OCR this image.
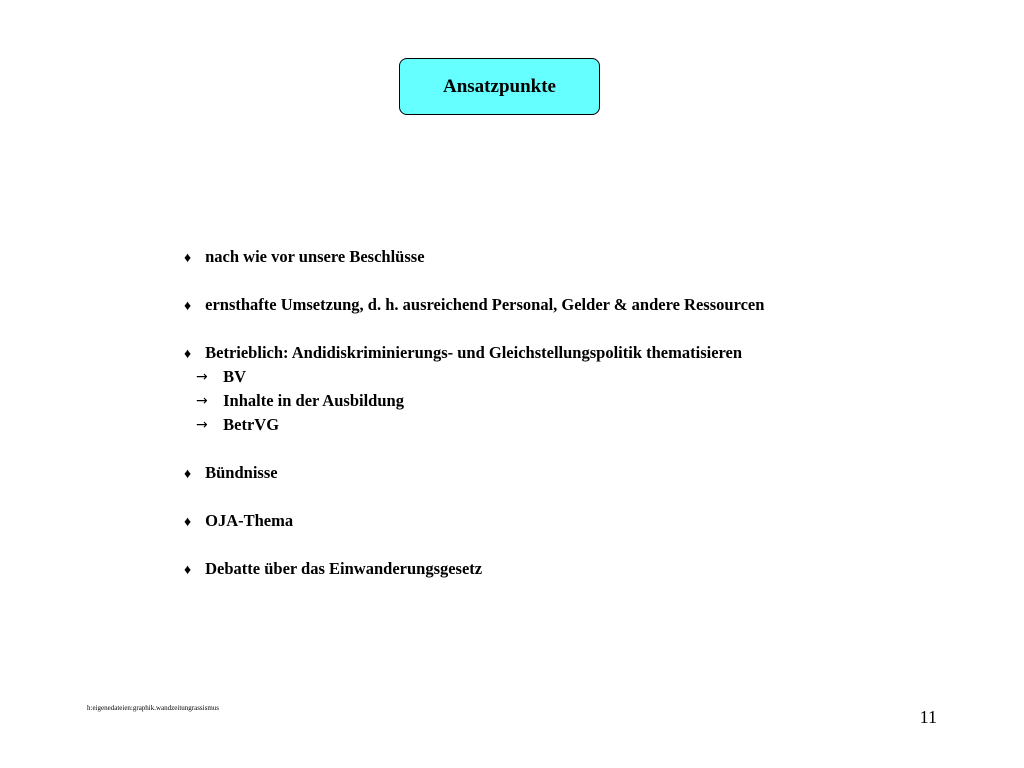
Ansatzpunkte
♦ nach wie vor unsere Beschlüsse
♦ ernsthafte Umsetzung, d. h. ausreichend Personal, Gelder & andere Ressourcen
♦ Betrieblich: Andidiskriminierungs- und Gleichstellungspolitik thematisieren
→ BV
→ Inhalte in der Ausbildung
→ BetrVG
♦ Bündnisse
♦ OJA-Thema
♦ Debatte über das Einwanderungsgesetz
h:eigenedateien:graphik.wandzeitungrassismus	11
